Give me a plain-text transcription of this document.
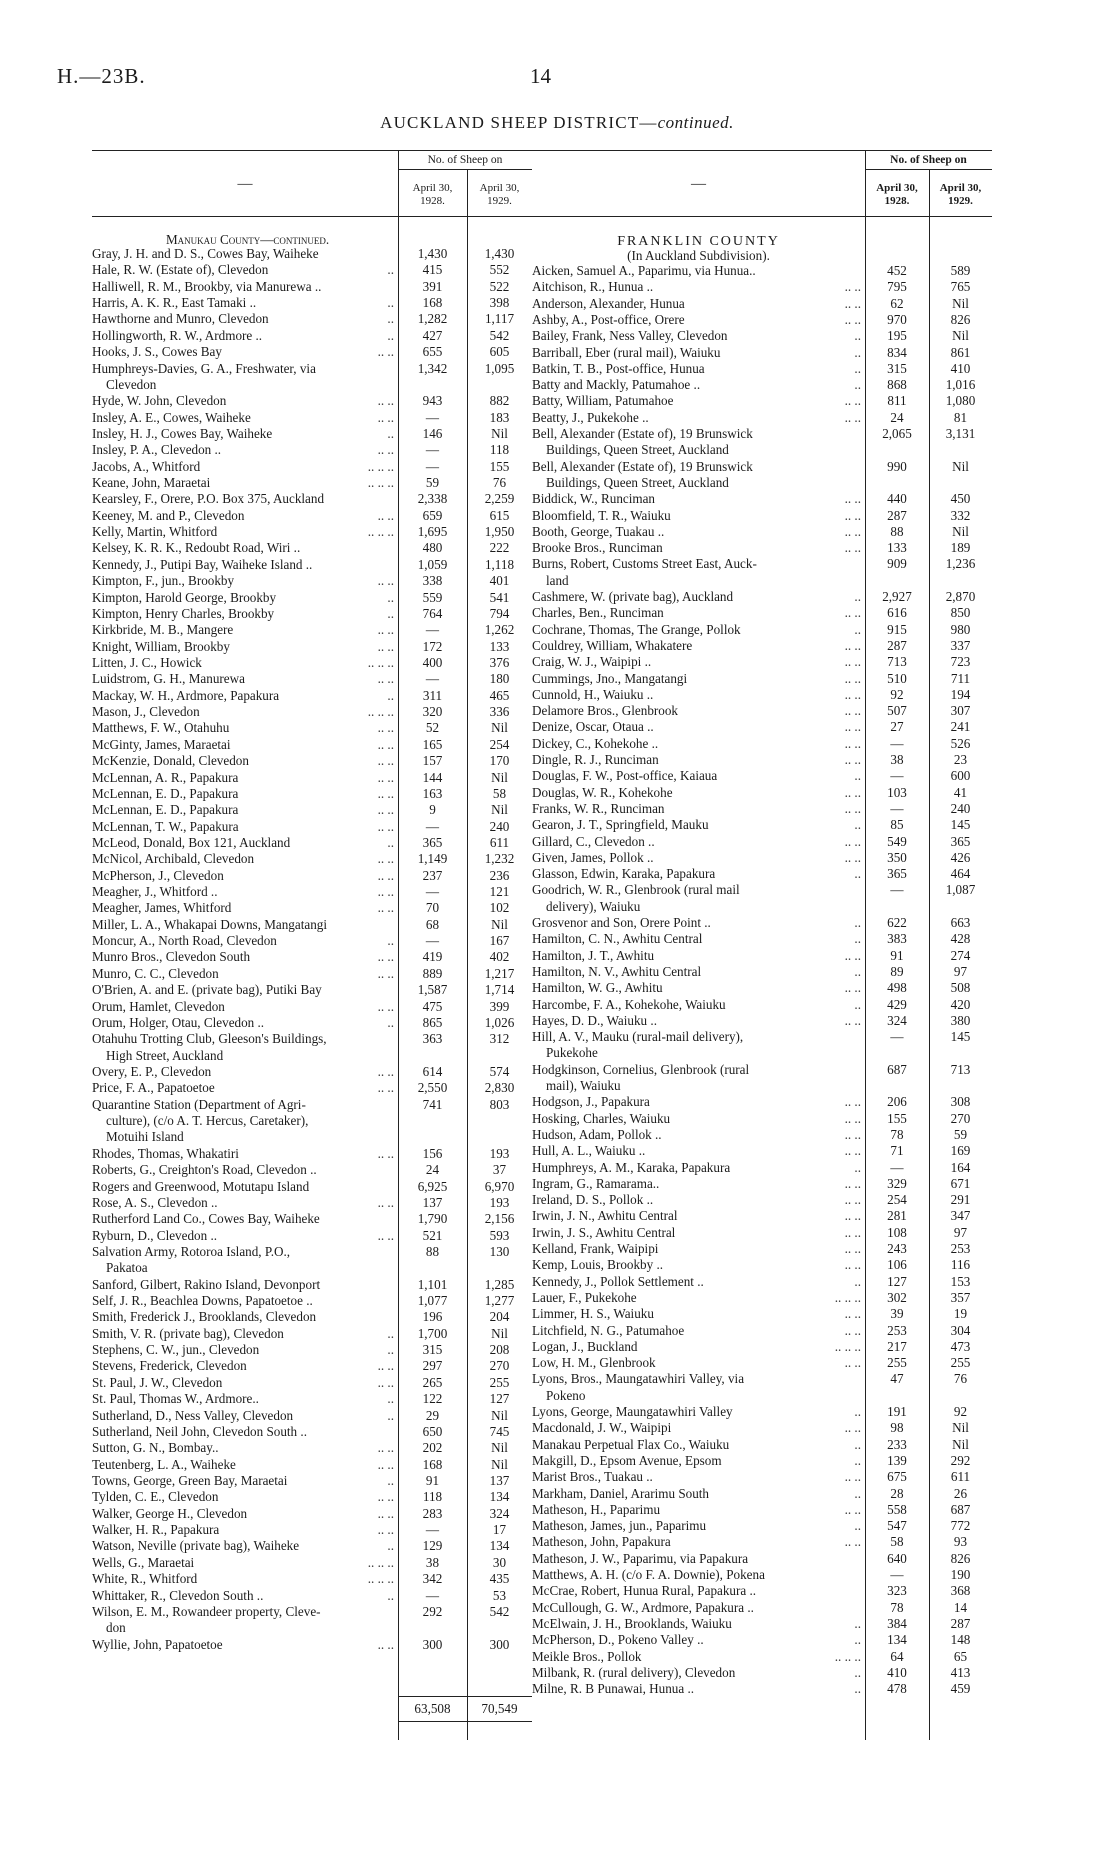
H.—23B.	14
AUCKLAND SHEEP DISTRICT—continued.
—
No. of Sheep on
April 30,
1928.
April 30,
1929.
Manukau County—continued.
Gray, J. H. and D. S., Cowes Bay, Waiheke	1,430	1,430
Hale, R. W. (Estate of), Clevedon	..	415	552
Halliwell, R. M., Brookby, via Manurewa ..	391	522
Harris, A. K. R., East Tamaki ..	..	168	398
Hawthorne and Munro, Clevedon	..	1,282	1,117
Hollingworth, R. W., Ardmore ..	..	427	542
Hooks, J. S., Cowes Bay	.. ..	655	605
Humphreys-Davies, G. A., Freshwater, via	1,342	1,095
Clevedon
Hyde, W. John, Clevedon	.. ..	943	882
Insley, A. E., Cowes, Waiheke	.. ..	—	183
Insley, H. J., Cowes Bay, Waiheke	..	146	Nil
Insley, P. A., Clevedon ..	.. ..	—	118
Jacobs, A., Whitford	.. .. ..	—	155
Keane, John, Maraetai	.. .. ..	59	76
Kearsley, F., Orere, P.O. Box 375, Auckland	2,338	2,259
Keeney, M. and P., Clevedon	.. ..	659	615
Kelly, Martin, Whitford	.. .. ..	1,695	1,950
Kelsey, K. R. K., Redoubt Road, Wiri ..	480	222
Kennedy, J., Putipi Bay, Waiheke Island ..	1,059	1,118
Kimpton, F., jun., Brookby	.. ..	338	401
Kimpton, Harold George, Brookby	..	559	541
Kimpton, Henry Charles, Brookby	..	764	794
Kirkbride, M. B., Mangere	.. ..	—	1,262
Knight, William, Brookby	.. ..	172	133
Litten, J. C., Howick	.. .. ..	400	376
Luidstrom, G. H., Manurewa	.. ..	—	180
Mackay, W. H., Ardmore, Papakura	..	311	465
Mason, J., Clevedon	.. .. ..	320	336
Matthews, F. W., Otahuhu	.. ..	52	Nil
McGinty, James, Maraetai	.. ..	165	254
McKenzie, Donald, Clevedon	.. ..	157	170
McLennan, A. R., Papakura	.. ..	144	Nil
McLennan, E. D., Papakura	.. ..	163	58
McLennan, E. D., Papakura	.. ..	9	Nil
McLennan, T. W., Papakura	.. ..	—	240
McLeod, Donald, Box 121, Auckland	..	365	611
McNicol, Archibald, Clevedon	.. ..	1,149	1,232
McPherson, J., Clevedon	.. ..	237	236
Meagher, J., Whitford ..	.. ..	—	121
Meagher, James, Whitford	.. ..	70	102
Miller, L. A., Whakapai Downs, Mangatangi	68	Nil
Moncur, A., North Road, Clevedon	..	—	167
Munro Bros., Clevedon South	.. ..	419	402
Munro, C. C., Clevedon	.. ..	889	1,217
O'Brien, A. and E. (private bag), Putiki Bay	1,587	1,714
Orum, Hamlet, Clevedon	.. ..	475	399
Orum, Holger, Otau, Clevedon ..	..	865	1,026
Otahuhu Trotting Club, Gleeson's Buildings,	363	312
High Street, Auckland
Overy, E. P., Clevedon	.. ..	614	574
Price, F. A., Papatoetoe	.. ..	2,550	2,830
Quarantine Station (Department of Agri-	741	803
culture), (c/o A. T. Hercus, Caretaker),
Motuihi Island
Rhodes, Thomas, Whakatiri	.. ..	156	193
Roberts, G., Creighton's Road, Clevedon ..	24	37
Rogers and Greenwood, Motutapu Island	6,925	6,970
Rose, A. S., Clevedon ..	.. ..	137	193
Rutherford Land Co., Cowes Bay, Waiheke	1,790	2,156
Ryburn, D., Clevedon ..	.. ..	521	593
Salvation Army, Rotoroa Island, P.O.,	88	130
Pakatoa
Sanford, Gilbert, Rakino Island, Devonport	1,101	1,285
Self, J. R., Beachlea Downs, Papatoetoe ..	1,077	1,277
Smith, Frederick J., Brooklands, Clevedon	196	204
Smith, V. R. (private bag), Clevedon	..	1,700	Nil
Stephens, C. W., jun., Clevedon	..	315	208
Stevens, Frederick, Clevedon	.. ..	297	270
St. Paul, J. W., Clevedon	.. ..	265	255
St. Paul, Thomas W., Ardmore..	..	122	127
Sutherland, D., Ness Valley, Clevedon	..	29	Nil
Sutherland, Neil John, Clevedon South ..	650	745
Sutton, G. N., Bombay..	.. ..	202	Nil
Teutenberg, L. A., Waiheke	.. ..	168	Nil
Towns, George, Green Bay, Maraetai	..	91	137
Tylden, C. E., Clevedon	.. ..	118	134
Walker, George H., Clevedon	.. ..	283	324
Walker, H. R., Papakura	.. ..	—	17
Watson, Neville (private bag), Waiheke	..	129	134
Wells, G., Maraetai	.. .. ..	38	30
White, R., Whitford	.. .. ..	342	435
Whittaker, R., Clevedon South ..	..	—	53
Wilson, E. M., Rowandeer property, Cleve-	292	542
don
Wyllie, John, Papatoetoe	.. ..	300	300
63,508	70,549
—
No. of Sheep on
April 30,
1928.
April 30,
1929.
FRANKLIN COUNTY
(In Auckland Subdivision).
Aicken, Samuel A., Paparimu, via Hunua..	452	589
Aitchison, R., Hunua ..	.. ..	795	765
Anderson, Alexander, Hunua	.. ..	62	Nil
Ashby, A., Post-office, Orere	.. ..	970	826
Bailey, Frank, Ness Valley, Clevedon	..	195	Nil
Barriball, Eber (rural mail), Waiuku	..	834	861
Batkin, T. B., Post-office, Hunua	..	315	410
Batty and Mackly, Patumahoe ..	..	868	1,016
Batty, William, Patumahoe	.. ..	811	1,080
Beatty, J., Pukekohe ..	.. ..	24	81
Bell, Alexander (Estate of), 19 Brunswick	2,065	3,131
Buildings, Queen Street, Auckland
Bell, Alexander (Estate of), 19 Brunswick	990	Nil
Buildings, Queen Street, Auckland
Biddick, W., Runciman	.. ..	440	450
Bloomfield, T. R., Waiuku	.. ..	287	332
Booth, George, Tuakau ..	.. ..	88	Nil
Brooke Bros., Runciman	.. ..	133	189
Burns, Robert, Customs Street East, Auck-	909	1,236
land
Cashmere, W. (private bag), Auckland	..	2,927	2,870
Charles, Ben., Runciman	.. ..	616	850
Cochrane, Thomas, The Grange, Pollok	..	915	980
Couldrey, William, Whakatere	.. ..	287	337
Craig, W. J., Waipipi ..	.. ..	713	723
Cummings, Jno., Mangatangi	.. ..	510	711
Cunnold, H., Waiuku ..	.. ..	92	194
Delamore Bros., Glenbrook	.. ..	507	307
Denize, Oscar, Otaua ..	.. ..	27	241
Dickey, C., Kohekohe ..	.. ..	—	526
Dingle, R. J., Runciman	.. ..	38	23
Douglas, F. W., Post-office, Kaiaua	..	—	600
Douglas, W. R., Kohekohe	.. ..	103	41
Franks, W. R., Runciman	.. ..	—	240
Gearon, J. T., Springfield, Mauku	..	85	145
Gillard, C., Clevedon ..	.. ..	549	365
Given, James, Pollok ..	.. ..	350	426
Glasson, Edwin, Karaka, Papakura	..	365	464
Goodrich, W. R., Glenbrook (rural mail	—	1,087
delivery), Waiuku
Grosvenor and Son, Orere Point ..	..	622	663
Hamilton, C. N., Awhitu Central	..	383	428
Hamilton, J. T., Awhitu	.. ..	91	274
Hamilton, N. V., Awhitu Central	..	89	97
Hamilton, W. G., Awhitu	.. ..	498	508
Harcombe, F. A., Kohekohe, Waiuku	..	429	420
Hayes, D. D., Waiuku ..	.. ..	324	380
Hill, A. V., Mauku (rural-mail delivery),	—	145
Pukekohe
Hodgkinson, Cornelius, Glenbrook (rural	687	713
mail), Waiuku
Hodgson, J., Papakura	.. ..	206	308
Hosking, Charles, Waiuku	.. ..	155	270
Hudson, Adam, Pollok ..	.. ..	78	59
Hull, A. L., Waiuku ..	.. ..	71	169
Humphreys, A. M., Karaka, Papakura	..	—	164
Ingram, G., Ramarama..	.. ..	329	671
Ireland, D. S., Pollok ..	.. ..	254	291
Irwin, J. N., Awhitu Central	.. ..	281	347
Irwin, J. S., Awhitu Central	.. ..	108	97
Kelland, Frank, Waipipi	.. ..	243	253
Kemp, Louis, Brookby ..	.. ..	106	116
Kennedy, J., Pollok Settlement ..	..	127	153
Lauer, F., Pukekohe	.. .. ..	302	357
Limmer, H. S., Waiuku	.. ..	39	19
Litchfield, N. G., Patumahoe	.. ..	253	304
Logan, J., Buckland	.. .. ..	217	473
Low, H. M., Glenbrook	.. ..	255	255
Lyons, Bros., Maungatawhiri Valley, via	47	76
Pokeno
Lyons, George, Maungatawhiri Valley	..	191	92
Macdonald, J. W., Waipipi	.. ..	98	Nil
Manakau Perpetual Flax Co., Waiuku	..	233	Nil
Makgill, D., Epsom Avenue, Epsom	..	139	292
Marist Bros., Tuakau ..	.. ..	675	611
Markham, Daniel, Ararimu South	..	28	26
Matheson, H., Paparimu	.. ..	558	687
Matheson, James, jun., Paparimu	..	547	772
Matheson, John, Papakura	.. ..	58	93
Matheson, J. W., Paparimu, via Papakura	640	826
Matthews, A. H. (c/o F. A. Downie), Pokena	—	190
McCrae, Robert, Hunua Rural, Papakura ..	323	368
McCullough, G. W., Ardmore, Papakura ..	78	14
McElwain, J. H., Brooklands, Waiuku	..	384	287
McPherson, D., Pokeno Valley ..	..	134	148
Meikle Bros., Pollok	.. .. ..	64	65
Milbank, R. (rural delivery), Clevedon	..	410	413
Milne, R. B Punawai, Hunua ..	..	478	459
